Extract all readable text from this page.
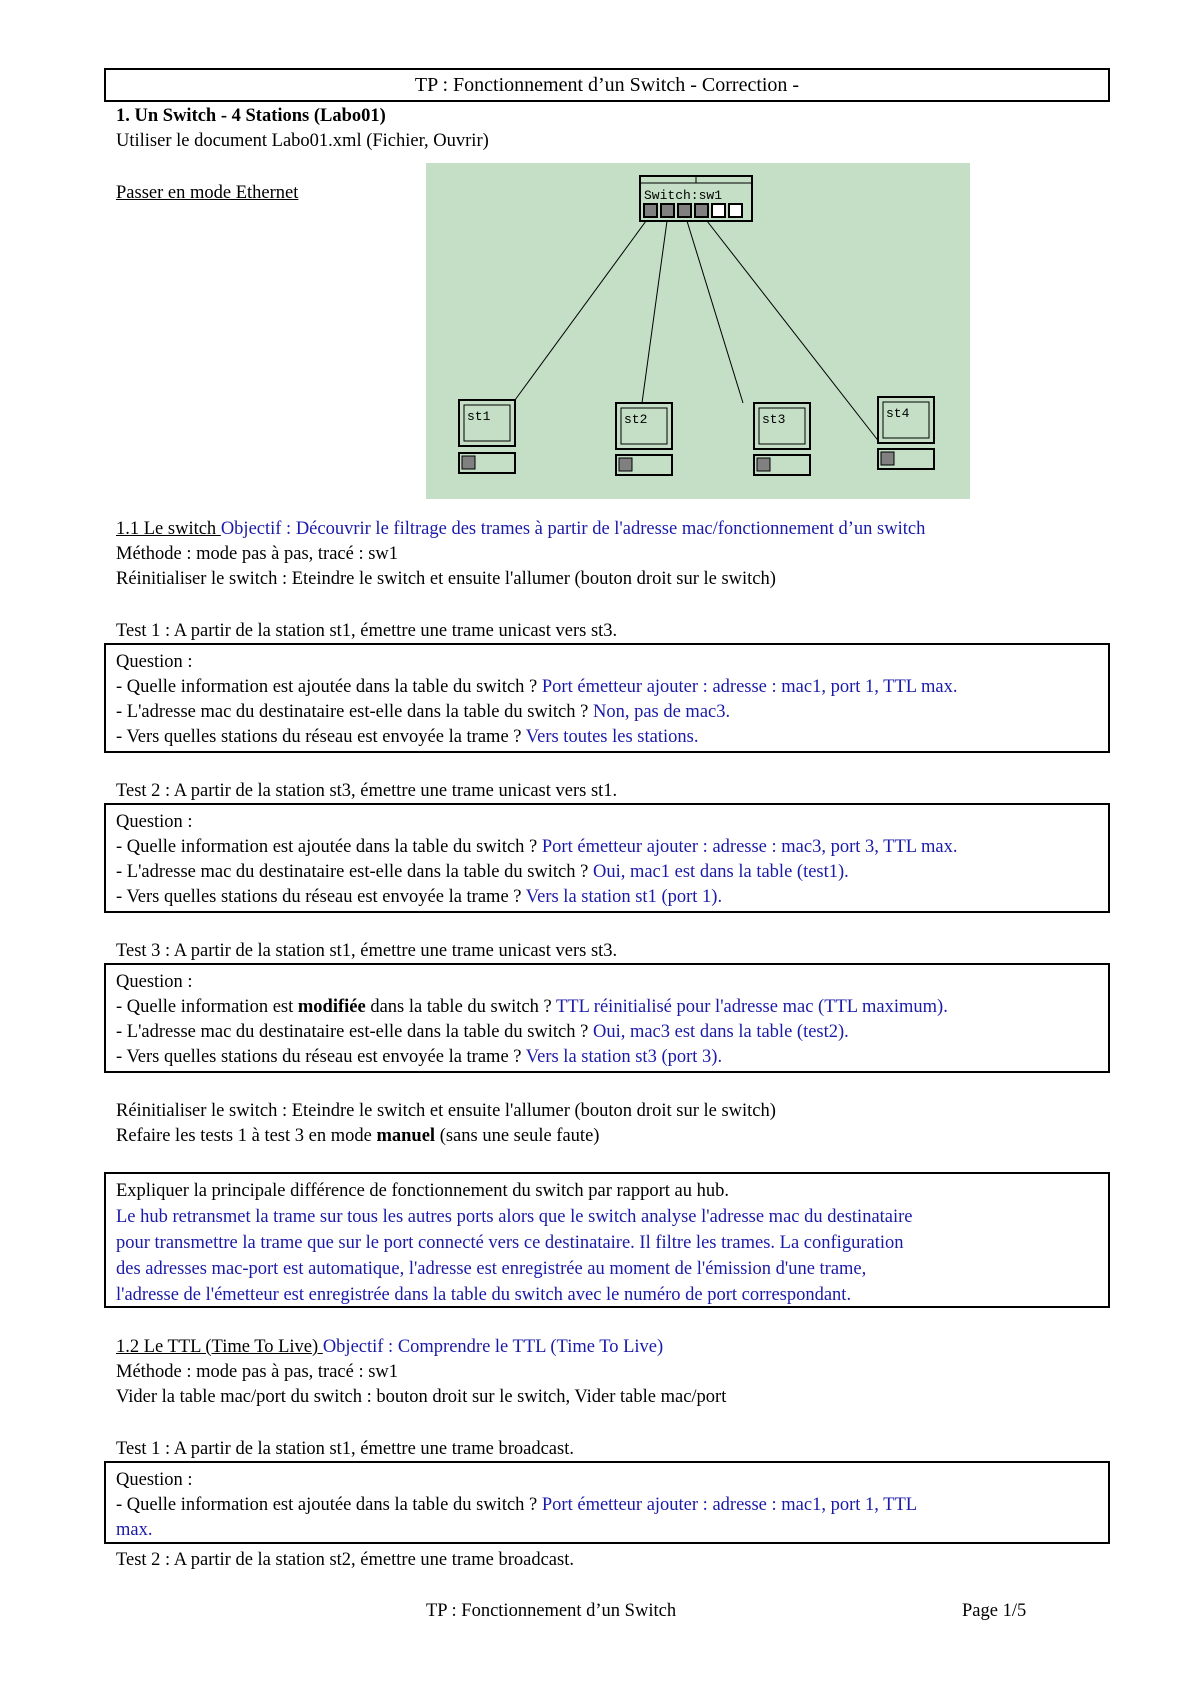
TP : Fonctionnement d’un Switch - Correction -
1. Un Switch - 4 Stations (Labo01)
Utiliser le document Labo01.xml (Fichier, Ouvrir)
Passer en mode Ethernet	Switch:sw1
st1	st2	st3	st4
1.1 Le switch Objectif : Découvrir le filtrage des trames à partir de l'adresse mac/fonctionnement d’un switch
Méthode : mode pas à pas, tracé : sw1
Réinitialiser le switch : Eteindre le switch et ensuite l'allumer (bouton droit sur le switch)
Test 1 : A partir de la station st1, émettre une trame unicast vers st3.
Question :
- Quelle information est ajoutée dans la table du switch ? Port émetteur ajouter : adresse : mac1, port 1, TTL max.
- L'adresse mac du destinataire est-elle dans la table du switch ? Non, pas de mac3.
- Vers quelles stations du réseau est envoyée la trame ? Vers toutes les stations.
Test 2 : A partir de la station st3, émettre une trame unicast vers st1.
Question :
- Quelle information est ajoutée dans la table du switch ? Port émetteur ajouter : adresse : mac3, port 3, TTL max.
- L'adresse mac du destinataire est-elle dans la table du switch ? Oui, mac1 est dans la table (test1).
- Vers quelles stations du réseau est envoyée la trame ? Vers la station st1 (port 1).
Test 3 : A partir de la station st1, émettre une trame unicast vers st3.
Question :
- Quelle information est modifiée dans la table du switch ? TTL réinitialisé pour l'adresse mac (TTL maximum).
- L'adresse mac du destinataire est-elle dans la table du switch ? Oui, mac3 est dans la table (test2).
- Vers quelles stations du réseau est envoyée la trame ? Vers la station st3 (port 3).
Réinitialiser le switch : Eteindre le switch et ensuite l'allumer (bouton droit sur le switch)
Refaire les tests 1 à test 3 en mode manuel (sans une seule faute)
Expliquer la principale différence de fonctionnement du switch par rapport au hub.
Le hub retransmet la trame sur tous les autres ports alors que le switch analyse l'adresse mac du destinataire
pour transmettre la trame que sur le port connecté vers ce destinataire. Il filtre les trames. La configuration
des adresses mac-port est automatique, l'adresse est enregistrée au moment de l'émission d'une trame,
l'adresse de l'émetteur est enregistrée dans la table du switch avec le numéro de port correspondant.
1.2 Le TTL (Time To Live) Objectif : Comprendre le TTL (Time To Live)
Méthode : mode pas à pas, tracé : sw1
Vider la table mac/port du switch : bouton droit sur le switch, Vider table mac/port
Test 1 : A partir de la station st1, émettre une trame broadcast.
Question :
- Quelle information est ajoutée dans la table du switch ? Port émetteur ajouter : adresse : mac1, port 1, TTL
max.
Test 2 : A partir de la station st2, émettre une trame broadcast.
TP : Fonctionnement d’un Switch	Page 1/5
